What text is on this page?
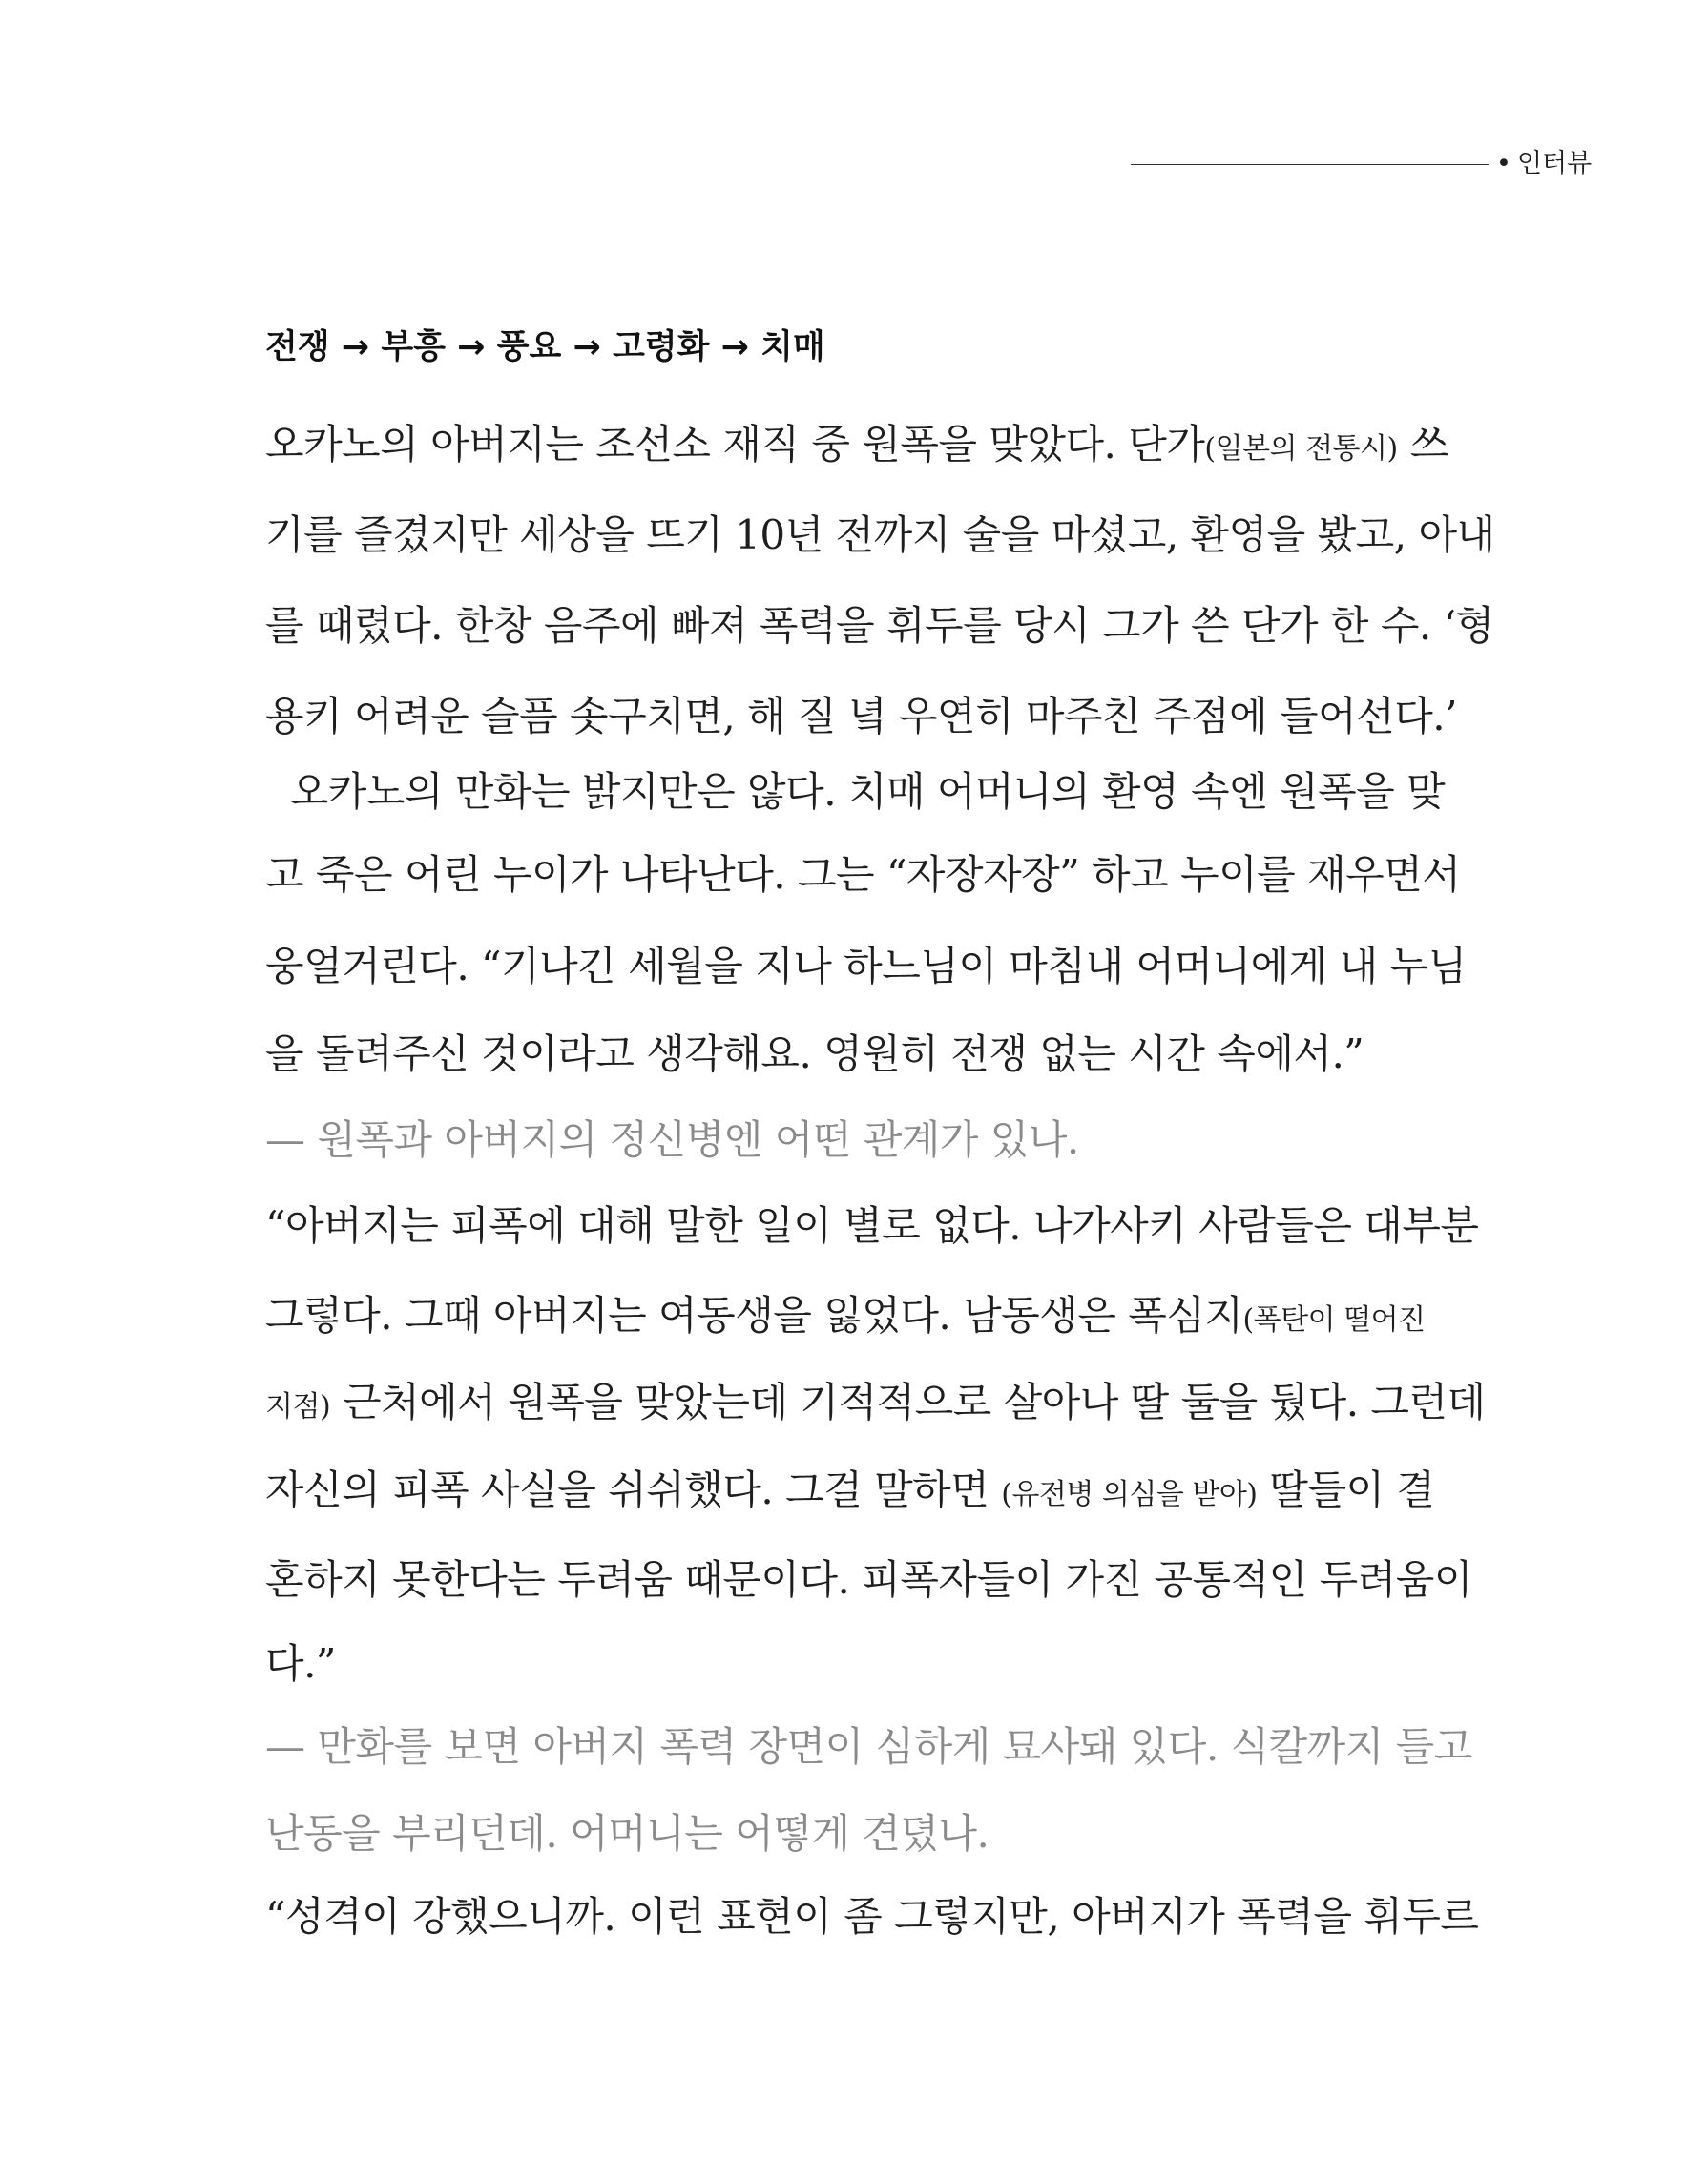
• 인터뷰
전쟁 → 부흥 → 풍요 → 고령화 → 치매
오카노의 아버지는 조선소 재직 중 원폭을 맞았다. 단가(일본의 전통시) 쓰
기를 즐겼지만 세상을 뜨기 10년 전까지 술을 마셨고, 환영을 봤고, 아내
를 때렸다. 한창 음주에 빠져 폭력을 휘두를 당시 그가 쓴 단가 한 수. ‘형
용키 어려운 슬픔 솟구치면, 해 질 녘 우연히 마주친 주점에 들어선다.’
오카노의 만화는 밝지만은 않다. 치매 어머니의 환영 속엔 원폭을 맞
고 죽은 어린 누이가 나타난다. 그는 “자장자장” 하고 누이를 재우면서
웅얼거린다. “기나긴 세월을 지나 하느님이 마침내 어머니에게 내 누님
을 돌려주신 것이라고 생각해요. 영원히 전쟁 없는 시간 속에서.”
— 원폭과 아버지의 정신병엔 어떤 관계가 있나.
“아버지는 피폭에 대해 말한 일이 별로 없다. 나가사키 사람들은 대부분
그렇다. 그때 아버지는 여동생을 잃었다. 남동생은 폭심지(폭탄이 떨어진
지점) 근처에서 원폭을 맞았는데 기적적으로 살아나 딸 둘을 뒀다. 그런데
자신의 피폭 사실을 쉬쉬했다. 그걸 말하면 (유전병 의심을 받아) 딸들이 결
혼하지 못한다는 두려움 때문이다. 피폭자들이 가진 공통적인 두려움이
다.”
— 만화를 보면 아버지 폭력 장면이 심하게 묘사돼 있다. 식칼까지 들고
난동을 부리던데. 어머니는 어떻게 견뎠나.
“성격이 강했으니까. 이런 표현이 좀 그렇지만, 아버지가 폭력을 휘두르
